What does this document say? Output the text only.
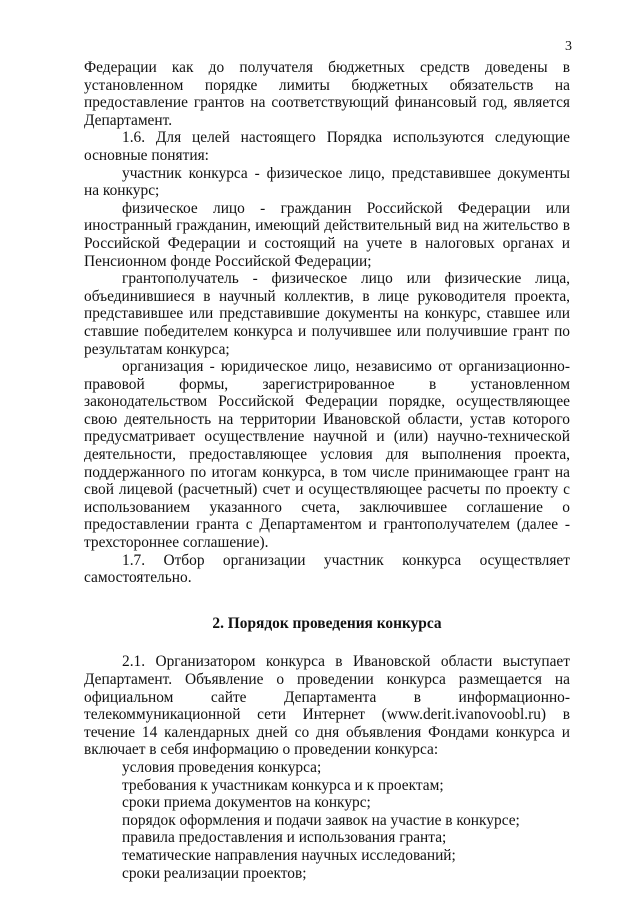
3

Федерации как до получателя бюджетных средств доведены в установленном порядке лимиты бюджетных обязательств на предоставление грантов на соответствующий финансовый год, является Департамент.

1.6. Для целей настоящего Порядка используются следующие основные понятия:

участник конкурса - физическое лицо, представившее документы на конкурс;

физическое лицо - гражданин Российской Федерации или иностранный гражданин, имеющий действительный вид на жительство в Российской Федерации и состоящий на учете в налоговых органах и Пенсионном фонде Российской Федерации;

грантополучатель - физическое лицо или физические лица, объединившиеся в научный коллектив, в лице руководителя проекта, представившее или представившие документы на конкурс, ставшее или ставшие победителем конкурса и получившее или получившие грант по результатам конкурса;

организация - юридическое лицо, независимо от организационно-правовой формы, зарегистрированное в установленном законодательством Российской Федерации порядке, осуществляющее свою деятельность на территории Ивановской области, устав которого предусматривает осуществление научной и (или) научно-технической деятельности, предоставляющее условия для выполнения проекта, поддержанного по итогам конкурса, в том числе принимающее грант на свой лицевой (расчетный) счет и осуществляющее расчеты по проекту с использованием указанного счета, заключившее соглашение о предоставлении гранта с Департаментом и грантополучателем (далее - трехстороннее соглашение).

1.7. Отбор организации участник конкурса осуществляет самостоятельно.

2. Порядок проведения конкурса

2.1. Организатором конкурса в Ивановской области выступает Департамент. Объявление о проведении конкурса размещается на официальном сайте Департамента в информационно-телекоммуникационной сети Интернет (www.derit.ivanovoobl.ru) в течение 14 календарных дней со дня объявления Фондами конкурса и включает в себя информацию о проведении конкурса:

условия проведения конкурса;

требования к участникам конкурса и к проектам;

сроки приема документов на конкурс;

порядок оформления и подачи заявок на участие в конкурсе;

правила предоставления и использования гранта;

тематические направления научных исследований;

сроки реализации проектов;
